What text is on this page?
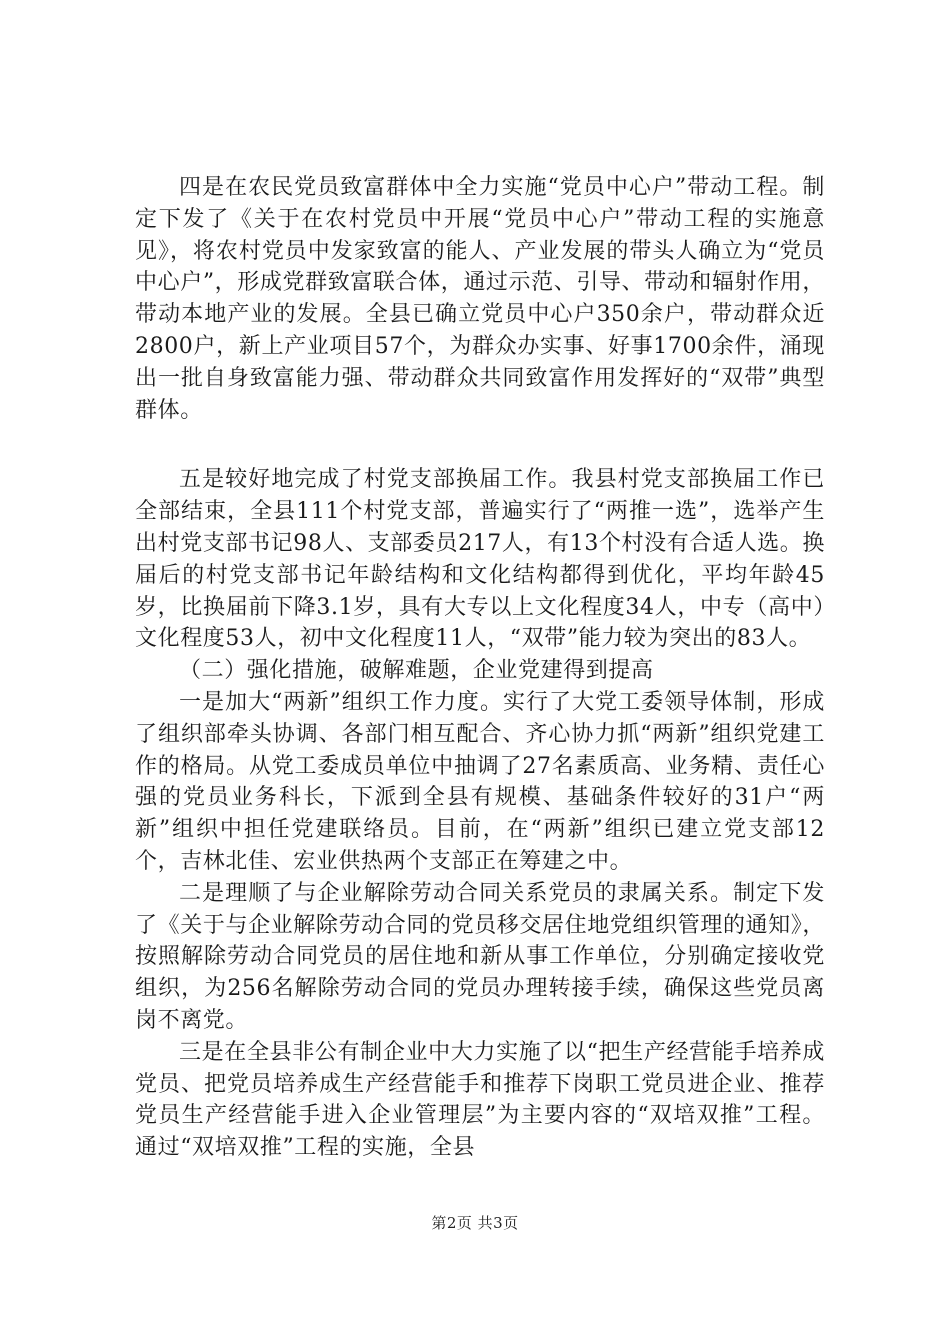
四是在农民党员致富群体中全力实施“党员中心户”带动工程。制定下发了《关于在农村党员中开展“党员中心户”带动工程的实施意见》，将农村党员中发家致富的能人、产业发展的带头人确立为“党员中心户”，形成党群致富联合体，通过示范、引导、带动和辐射作用，带动本地产业的发展。全县已确立党员中心户350余户，带动群众近2800户，新上产业项目57个，为群众办实事、好事1700余件，涌现出一批自身致富能力强、带动群众共同致富作用发挥好的“双带”典型群体。

五是较好地完成了村党支部换届工作。我县村党支部换届工作已全部结束，全县111个村党支部，普遍实行了“两推一选”，选举产生出村党支部书记98人、支部委员217人，有13个村没有合适人选。换届后的村党支部书记年龄结构和文化结构都得到优化，平均年龄45岁，比换届前下降3.1岁，具有大专以上文化程度34人，中专（高中）文化程度53人，初中文化程度11人，“双带”能力较为突出的83人。

（二）强化措施，破解难题，企业党建得到提高

一是加大“两新”组织工作力度。实行了大党工委领导体制，形成了组织部牵头协调、各部门相互配合、齐心协力抓“两新”组织党建工作的格局。从党工委成员单位中抽调了27名素质高、业务精、责任心强的党员业务科长，下派到全县有规模、基础条件较好的31户“两新”组织中担任党建联络员。目前，在“两新”组织已建立党支部12个，吉林北佳、宏业供热两个支部正在筹建之中。

二是理顺了与企业解除劳动合同关系党员的隶属关系。制定下发了《关于与企业解除劳动合同的党员移交居住地党组织管理的通知》，按照解除劳动合同党员的居住地和新从事工作单位，分别确定接收党组织，为256名解除劳动合同的党员办理转接手续，确保这些党员离岗不离党。

三是在全县非公有制企业中大力实施了以“把生产经营能手培养成党员、把党员培养成生产经营能手和推荐下岗职工党员进企业、推荐党员生产经营能手进入企业管理层”为主要内容的“双培双推”工程。通过“双培双推”工程的实施，全县

第2页 共3页
